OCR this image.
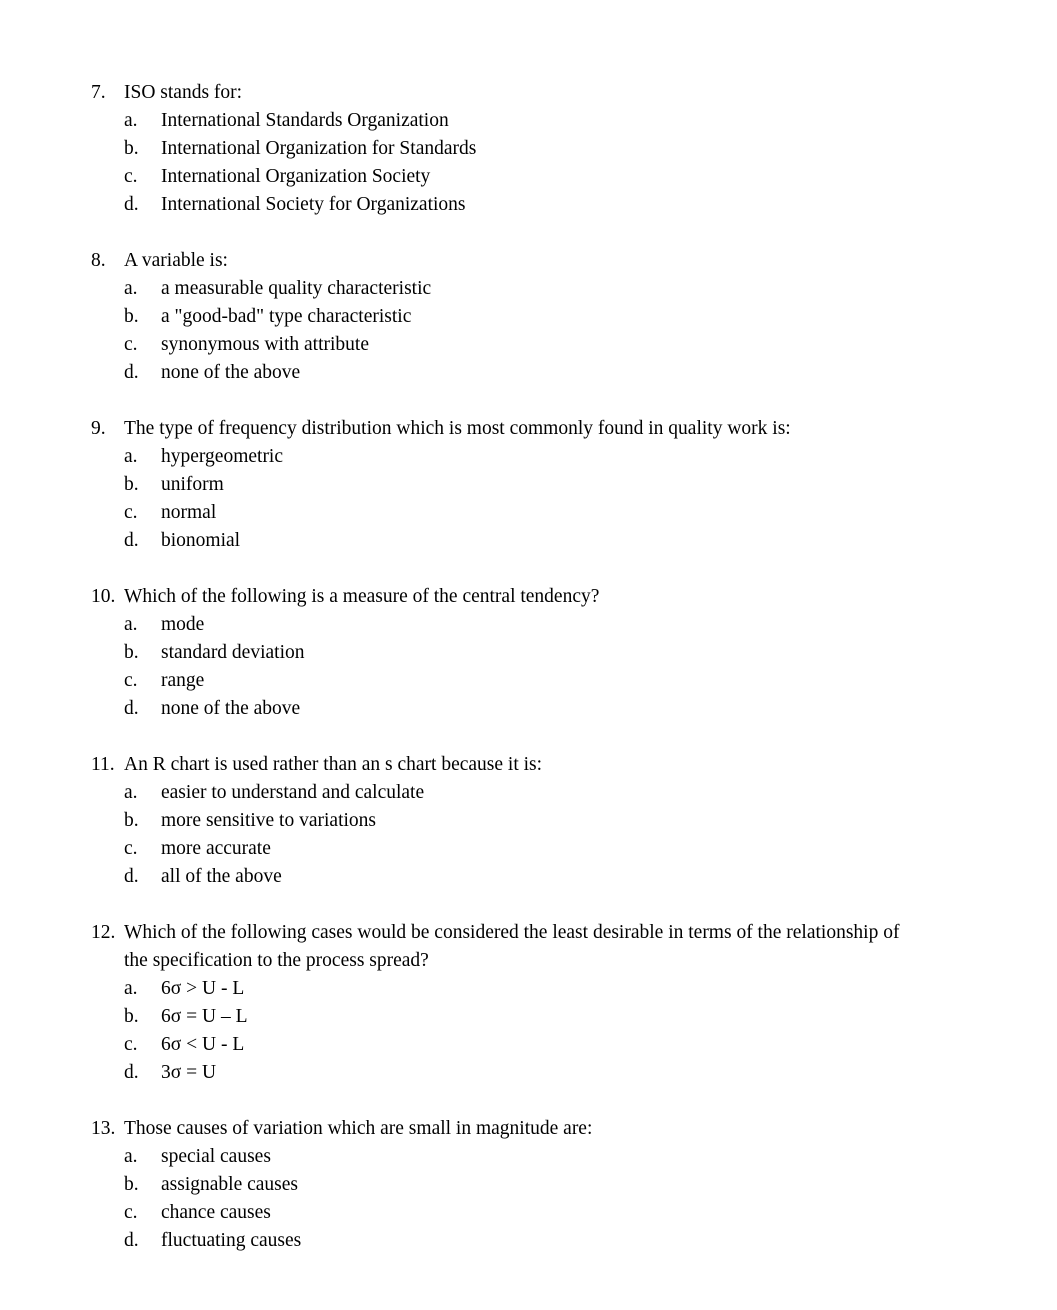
7. ISO stands for:
a.	International Standards Organization
b.	International Organization for Standards
c.	International Organization Society
d.	International Society for Organizations
8. A variable is:
a.	a measurable quality characteristic
b.	a "good-bad" type characteristic
c.	synonymous with attribute
d.	none of the above
9. The type of frequency distribution which is most commonly found in quality work is:
a.	hypergeometric
b.	uniform
c.	normal
d.	bionomial
10. Which of the following is a measure of the central tendency?
a.	mode
b.	standard deviation
c.	range
d.	none of the above
11. An R chart is used rather than an s chart because it is:
a.	easier to understand and calculate
b.	more sensitive to variations
c.	more accurate
d.	all of the above
12. Which of the following cases would be considered the least desirable in terms of the relationship of
the specification to the process spread?
a.	6σ > U - L
b.	6σ = U – L
c.	6σ < U - L
d.	3σ = U
13. Those causes of variation which are small in magnitude are:
a.	special causes
b.	assignable causes
c.	chance causes
d.	fluctuating causes
